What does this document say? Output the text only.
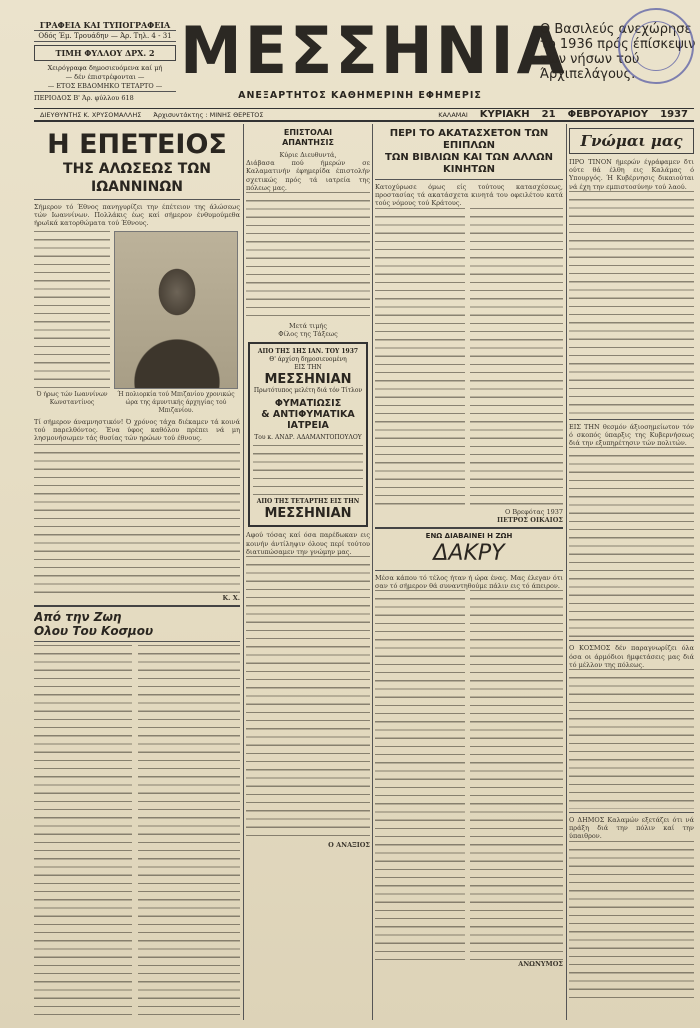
ΓΡΑΦΕΙΑ ΚΑΙ ΤΥΠΟΓΡΑΦΕΙΑ
Οδός Έμ. Τρουάδην — Άρ. Τηλ. 4 - 31
ΤΙΜΗ ΦΥΛΛΟΥ ΔΡΧ. 2
Χειρόγραφα δημοσιευόμενα καί μή
— δέν έπιστρέφονται —
— ΕΤΟΣ ΕΒΔΟΜΗΚΟ ΤΕΤΑΡΤΟ —
ΠΕΡΙΟΔΟΣ Β' Άρ. φύλλου 618
ΜΕΣΣΗΝΙΑ
ΑΝΕΞΑΡΤΗΤΟΣ ΚΑΘΗΜΕΡΙΝΗ ΕΦΗΜΕΡΙΣ
Ο Βασιλεύς ανεχώρησε το 1936 πρός έπίσκεψιν τών νήσων τού Άρχιπελάγους.
ΔΙΕΥΘΥΝΤΗΣ Κ. ΧΡΥΣΟΜΑΛΛΗΣ	Άρχισυντάκτης : ΜΙΝΗΣ ΘΕΡΕΤΟΣ	ΚΑΛΑΜΑΙ	ΚΥΡΙΑΚΗ	21	ΦΕΒΡΟΥΑΡΙΟΥ	1937
Η ΕΠΕΤΕΙΟΣ
ΤΗΣ ΑΛΩΣΕΩΣ ΤΩΝ ΙΩΑΝΝΙΝΩΝ
Σήμερον τό Έθνος πανηγυρίζει την έπέτειον της άλώσεως τών Ιωαννίνων. Πολλάκις έως καί σήμερον ένθυμούμεθα ήρωϊκά κατορθώματα τού Έθνους.
Ό ήρως τών Ιωαννίνων Κωνσταντίνος
Ή πολιορκία τού Μπιζανίου χρονικώς ώρα της άμυντικής άρχηγίας τού Μπιζανίου.
Τί σήμερον άναμνηστικόν! Ό χρόνος τάχα διέκαμεν τά κοινά τού παρελθόντος. Ένα ύφος καθόλου πρέπει νά μη λησμονήσωμεν τάς θυσίας τών ηρώων τού έθνους.
Κ. Χ.
Από την Ζωη
Ολου Του Κοσμου
ΕΠΙΣΤΟΛΑΙ
ΑΠΑΝΤΗΣΙΣ
Κύριε Διευθυντά,
Διάβασα πού ήμερών σε Καλαματινήν έφημερίδα έπιστολήν σχετικώς πρός τά ιατρεία της πόλεως μας.
Μετά τιμής
Φίλος της Τάξεως
ΑΠΟ ΤΗΣ 1ΗΣ ΙΑΝ. ΤΟΥ 1937
Θ' άρχίση δημοσιευομένη
ΕΙΣ ΤΗΝ
ΜΕΣΣΗΝΙΑΝ
Πρωτότυπος μελέτη διά τόν Τίτλον
ΦΥΜΑΤΙΩΣΙΣ
& ΑΝΤΙΦΥΜΑΤΙΚΑ ΙΑΤΡΕΙΑ
Του κ. ΑΝΔΡ. ΑΔΑΜΑΝΤΟΠΟΥΛΟΥ
ΑΠΟ ΤΗΣ ΤΕΤΑΡΤΗΣ ΕΙΣ ΤΗΝ
ΜΕΣΣΗΝΙΑΝ
Αφού τόσας καί όσα παρέδωκαν εις κοινήν άντίληψιν όλους περί τούτου διατυπώσαμεν την γνώμην μας.
Ο ΑΝΑΞΙΟΣ
ΠΕΡΙ ΤΟ ΑΚΑΤΑΣΧΕΤΟΝ ΤΩΝ ΕΠΙΠΛΩΝ
ΤΩΝ ΒΙΒΛΙΩΝ ΚΑΙ ΤΩΝ ΑΛΛΩΝ ΚΙΝΗΤΩΝ
Κατοχύρωσε όμως είς τούτους κατασχέσεως, προστασίας τά ακατάσχετα κινητά του οφειλέτου κατά τούς νόμους τού Κράτους.
Ο Βρεφότας 1937
ΠΕΤΡΟΣ ΟΙΚΑΙΟΣ
ΕΝΩ ΔΙΑΒΑΙΝΕΙ Η ΖΩΗ
ΔΑΚΡΥ
Μέσα κάπου τό τέλος ήταν ή ώρα ένας. Μας έλεγαν ότι σαν τό σήμερον θά συναντηθούμε πάλιν εις τό άπειρον.
ΑΝΩΝΥΜΟΣ
Γνώμαι μας
ΠΡΟ ΤΙΝΟΝ ήμερών έγράφαμεν δτι ούτε θά έλθη εις Καλάμας ό Υπουργός. Ή Κυβέρνησις δικαιούται νά έχη την εμπιστοσύνην τού λαού.
ΕΙΣ ΤΗΝ θεσμόν άξιοσημείωτον τόν ό σκοπός ύπαρξις της Κυβερνήσεως διά την εξυπηρέτησιν τών πολιτών.
Ο ΚΟΣΜΟΣ δέν παραγνωρίζει όλα όσα οι άρμόδιοι ήμφετάσεις μας διά τό μέλλον της πόλεως.
Ο ΔΗΜΟΣ Καλαμών εξετάζει ότι νά πράξη διά την πόλιν καί την ύπαιθρον.
